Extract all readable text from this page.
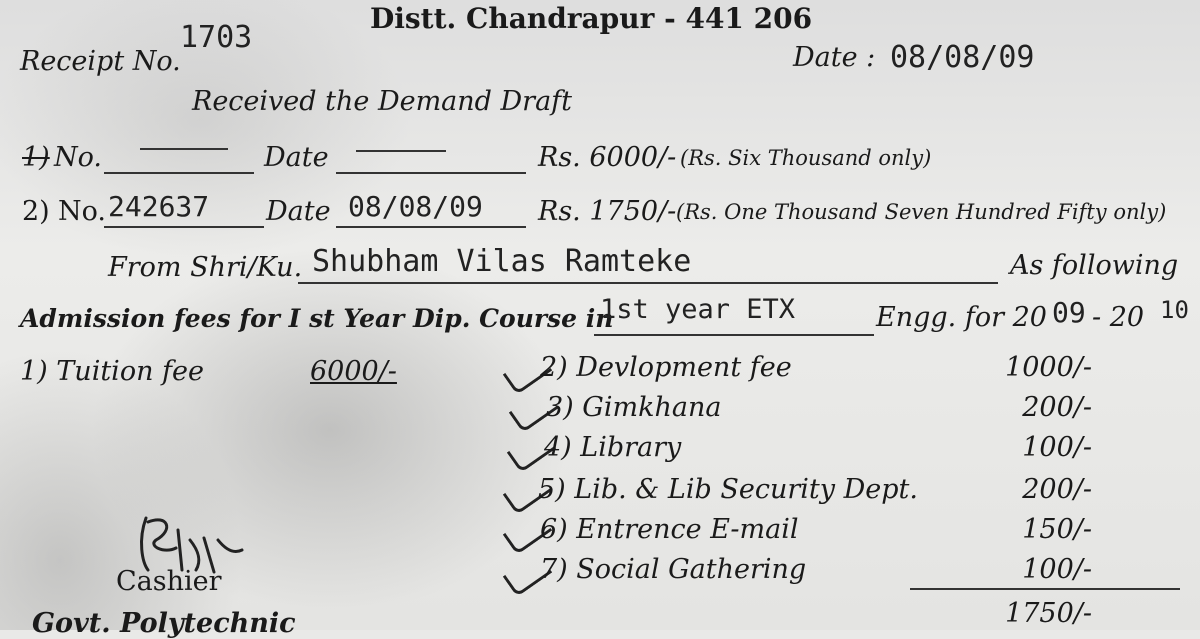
Distt. Chandrapur - 441 206
Receipt No.
1703
Date : 08/08/09
Received the Demand Draft
1) No.	Date	Rs. 6000/- (Rs. Six Thousand only)
2) No. 242637 Date 08/08/09 Rs. 1750/- (Rs. One Thousand Seven Hundred Fifty only)
From Shri/Ku. Shubham Vilas Ramteke	As following
Admission fees for I st Year Dip. Course in
1st year ETX	Engg. for 20 09 - 20 10
1) Tuition fee	6000/-	2) Devlopment fee	1000/-
3) Gimkhana	200/-
4) Library	100/-
5) Lib. & Lib Security Dept.	200/-
6) Entrence E-mail	150/-
7) Social Gathering	100/-
1750/-
Cashier
Govt. Polytechnic
